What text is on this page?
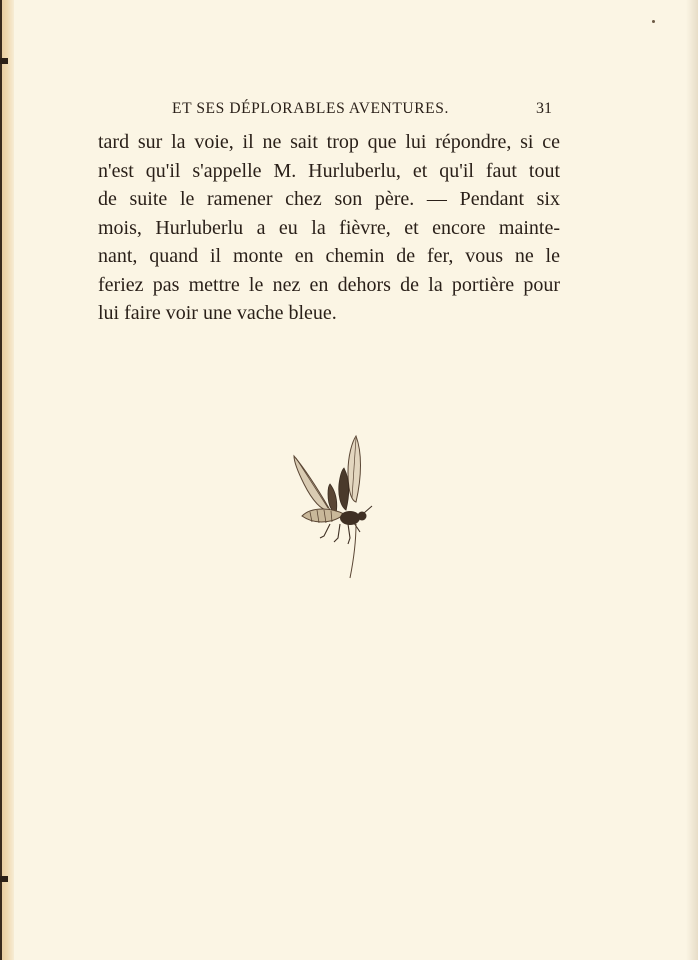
ET SES DÉPLORABLES AVENTURES.	31
tard sur la voie, il ne sait trop que lui répondre, si ce
n'est qu'il s'appelle M. Hurluberlu, et qu'il faut tout
de suite le ramener chez son père. — Pendant six
mois, Hurluberlu a eu la fièvre, et encore mainte-
nant, quand il monte en chemin de fer, vous ne le
feriez pas mettre le nez en dehors de la portière pour
lui faire voir une vache bleue.
